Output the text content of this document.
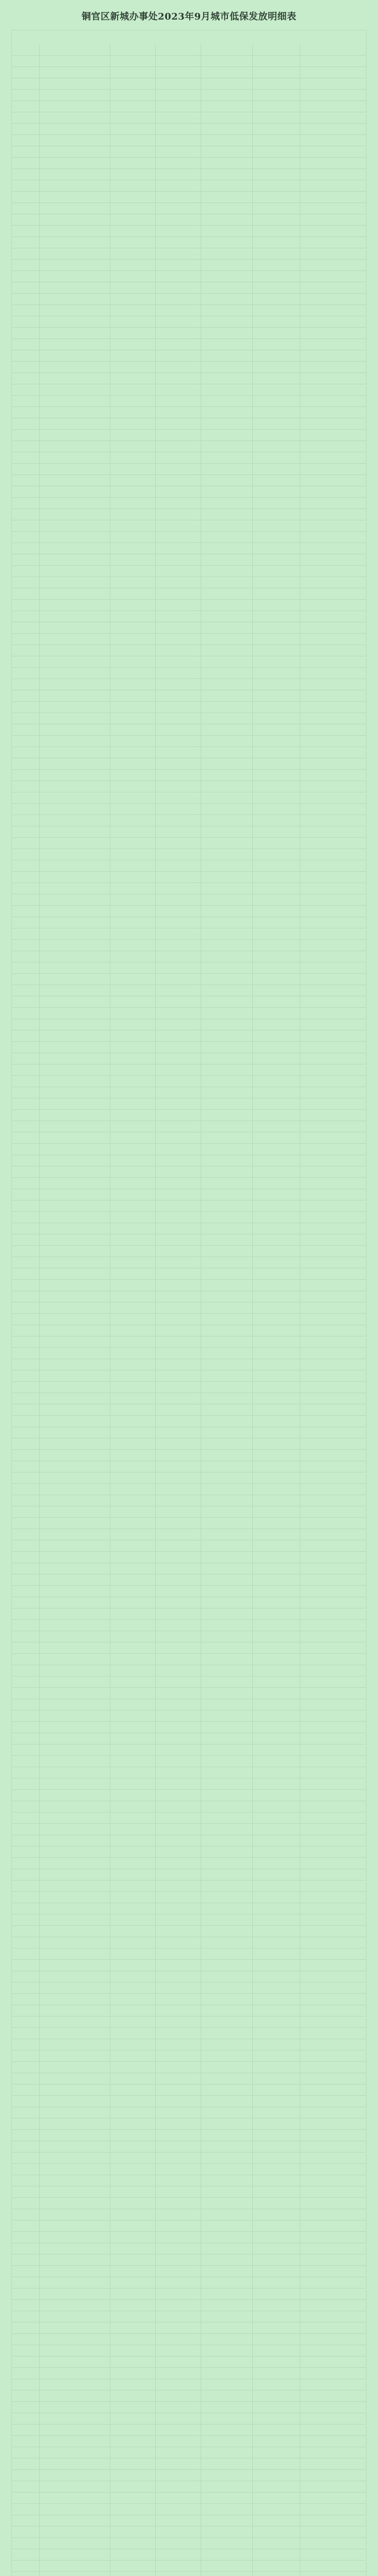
铜官区新城办事处2023年9月城市低保发放明细表
